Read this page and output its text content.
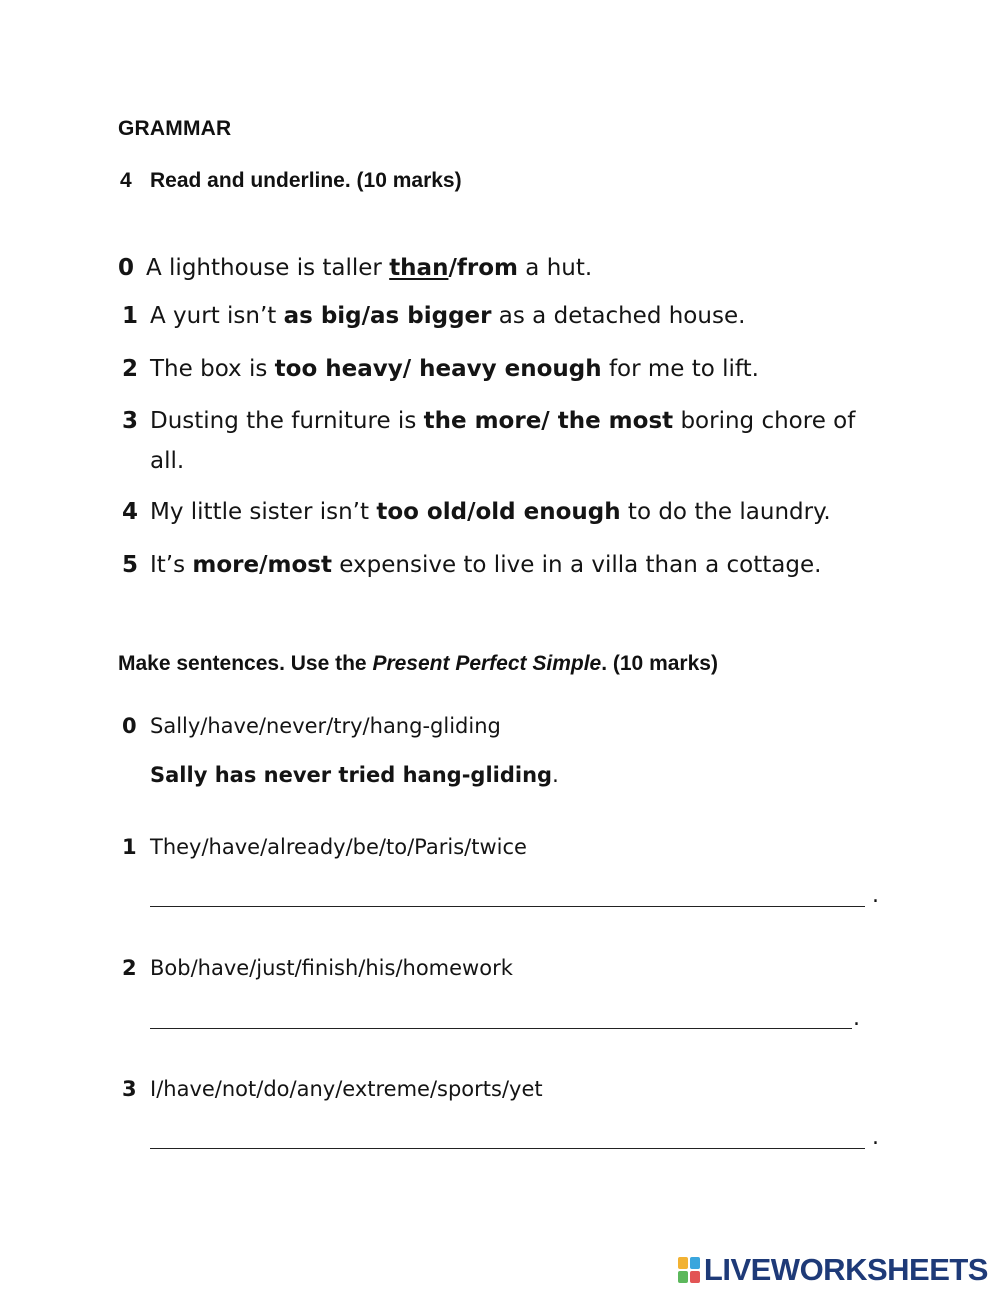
GRAMMAR
4 Read and underline. (10 marks)
0 A lighthouse is taller than/from a hut.
1 A yurt isn’t as big/as bigger as a detached house.
2 The box is too heavy/ heavy enough for me to lift.
3 Dusting the furniture is the more/ the most boring chore of all.
4 My little sister isn’t too old/old enough to do the laundry.
5 It’s more/most expensive to live in a villa than a cottage.
Make sentences. Use the Present Perfect Simple. (10 marks)
0 Sally/have/never/try/hang-gliding
Sally has never tried hang-gliding.
1 They/have/already/be/to/Paris/twice
.
2 Bob/have/just/finish/his/homework
.
3 I/have/not/do/any/extreme/sports/yet
.
LIVEWORKSHEETS
